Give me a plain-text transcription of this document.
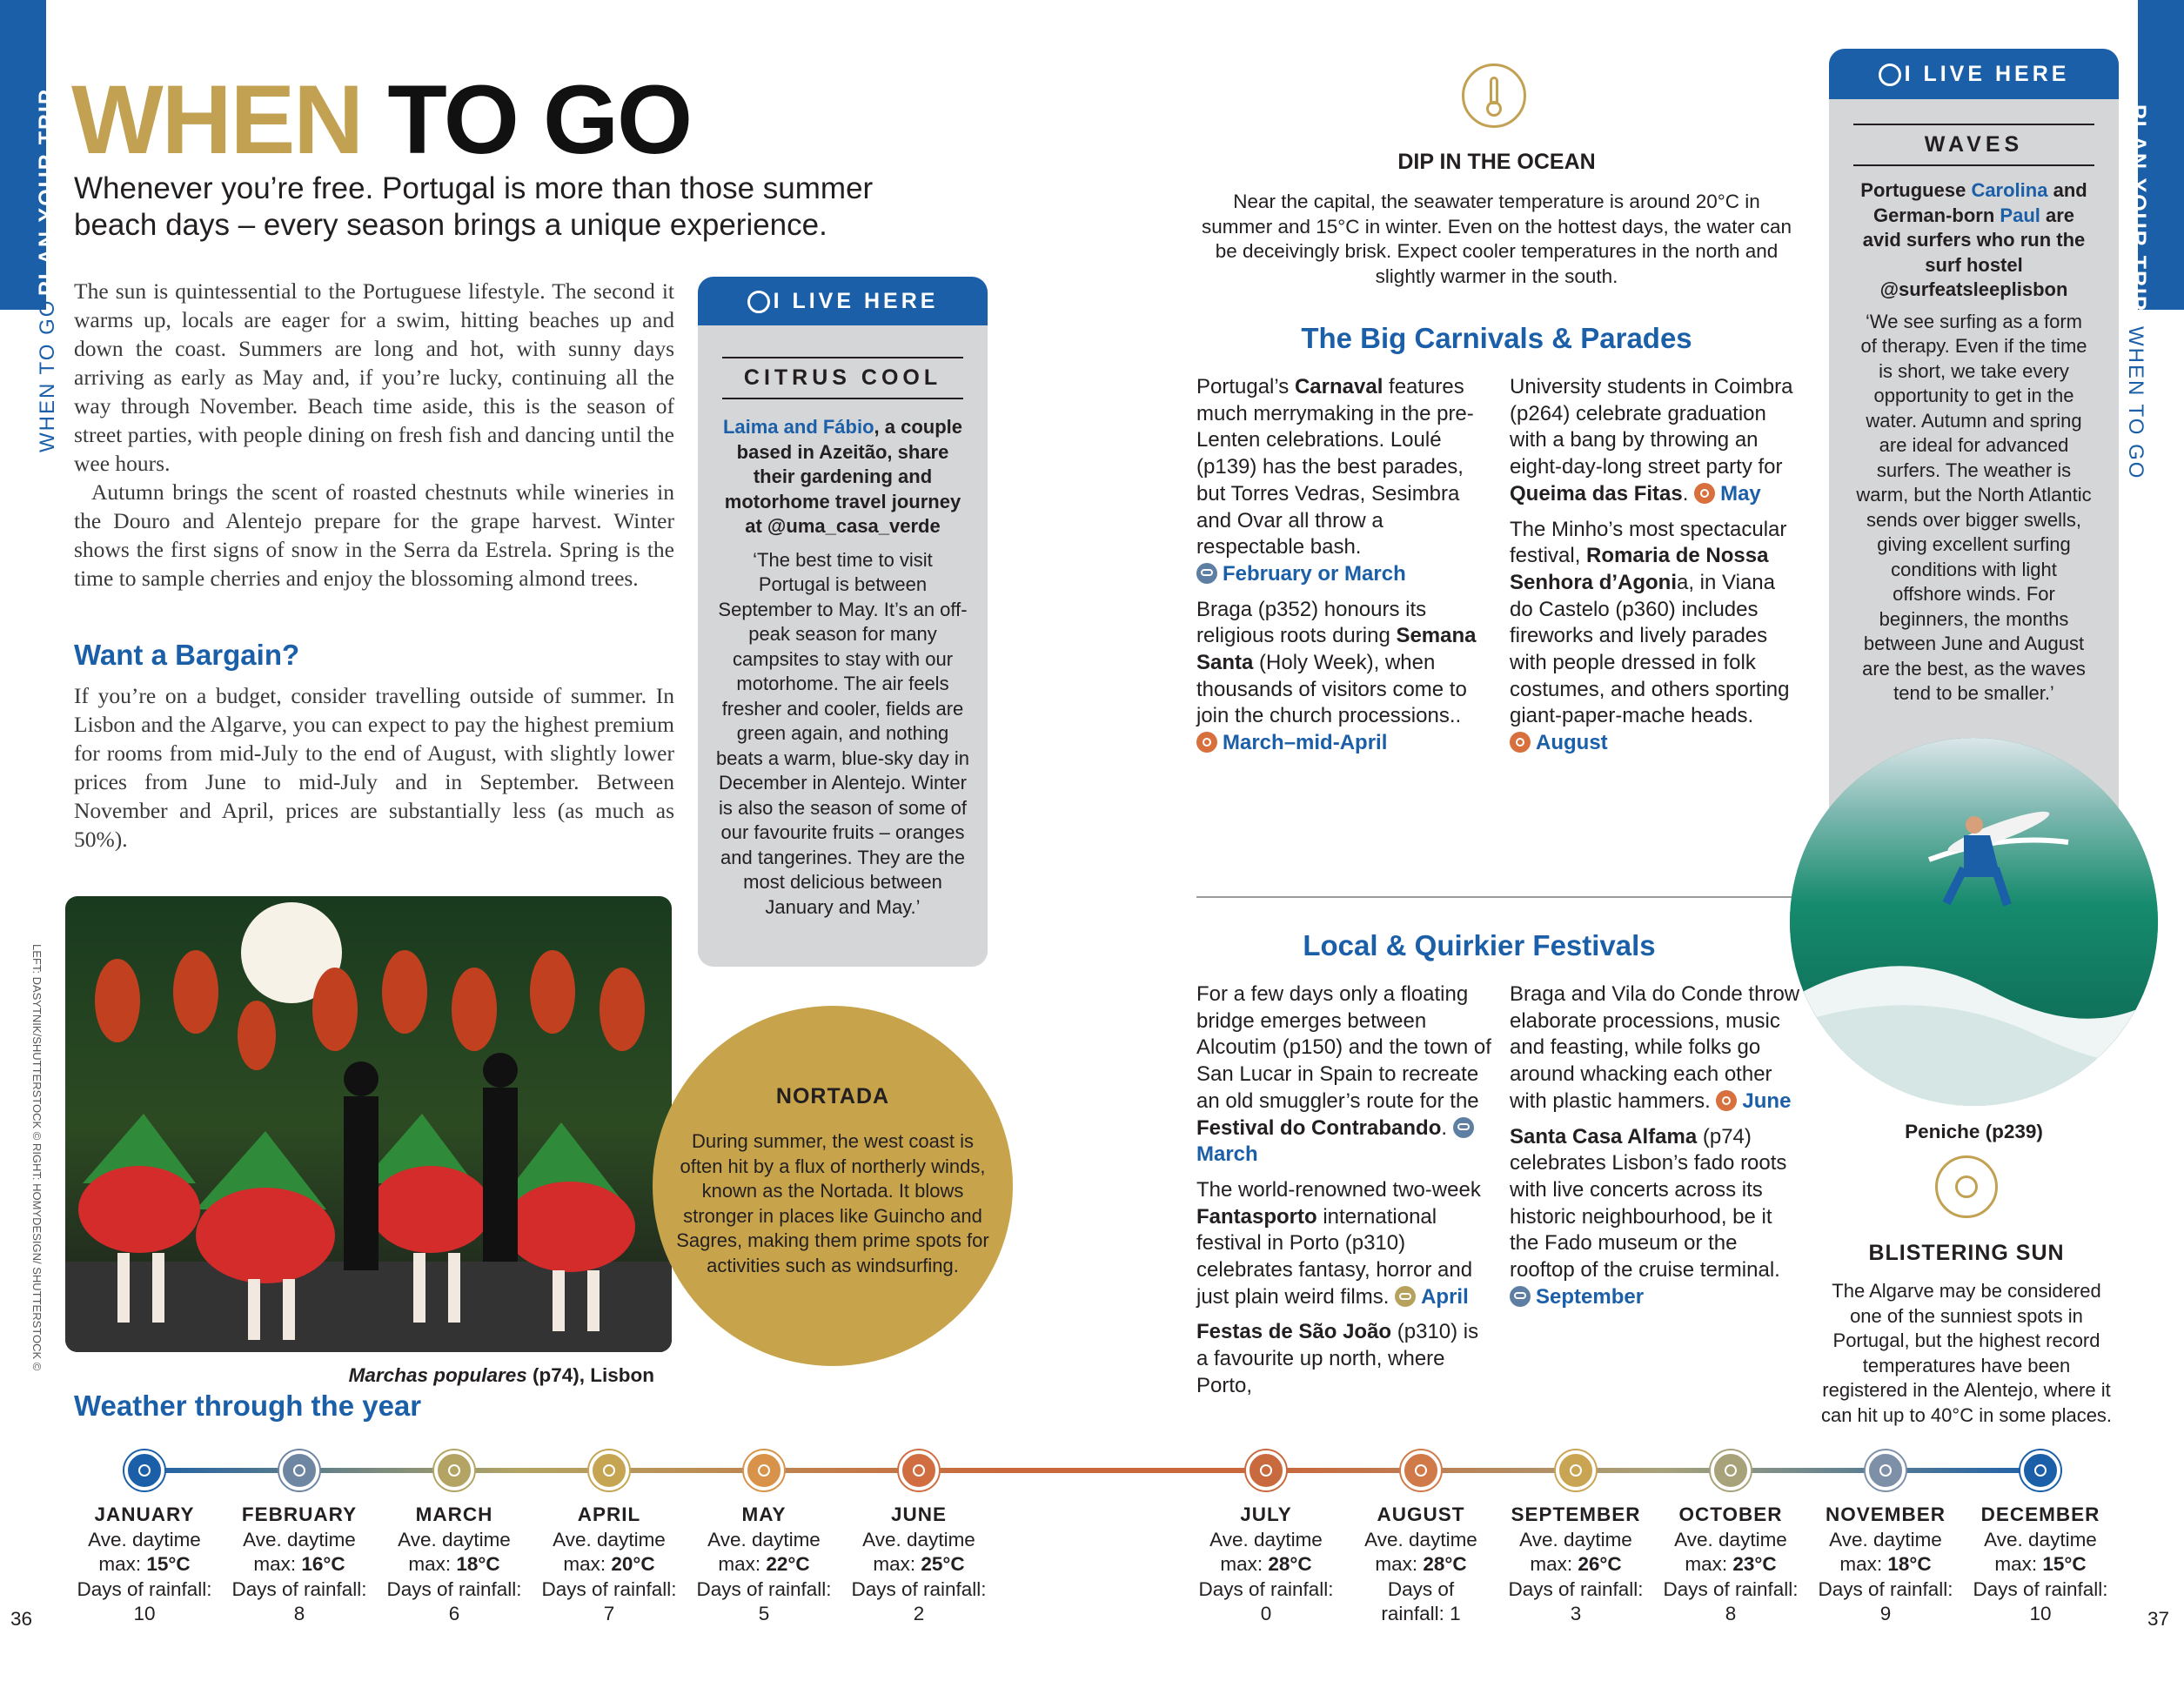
PLAN YOUR TRIP
WHEN TO GO
PLAN YOUR TRIP
WHEN TO GO
WHEN TO GO
Whenever you’re free. Portugal is more than those summer beach days – every season brings a unique experience.

The sun is quintessential to the Portuguese lifestyle. The second it warms up, locals are eager for a swim, hitting beaches up and down the coast. Summers are long and hot, with sunny days arriving as early as May and, if you’re lucky, continuing all the way through November. Beach time aside, this is the season of street parties, with people dining on fresh fish and dancing until the wee hours.

Autumn brings the scent of roasted chestnuts while wineries in the Douro and Alentejo prepare for the grape harvest. Winter shows the first signs of snow in the Serra da Estrela. Spring is the time to sample cherries and enjoy the blossoming almond trees.

Want a Bargain?

If you’re on a budget, consider travelling outside of summer. In Lisbon and the Algarve, you can expect to pay the highest premium for rooms from mid-July to the end of August, with slightly lower prices from June to mid-July and in September. Between November and April, prices are substantially less (as much as 50%).

LEFT: DASYTNIK/SHUTTERSTOCK © RIGHT: HOMYDESIGN/ SHUTTERSTOCK ©
Marchas populares (p74), Lisbon
I LIVE HERE
CITRUS COOL
Laima and Fábio, a couple based in Azeitão, share their gardening and motorhome travel journey at @uma_casa_verde
‘The best time to visit Portugal is between September to May. It’s an off-peak season for many campsites to stay with our motorhome. The air feels fresher and cooler, fields are green again, and nothing beats a warm, blue-sky day in December in Alentejo. Winter is also the season of some of our favourite fruits – oranges and tangerines. They are the most delicious between January and May.’
NORTADA
During summer, the west coast is often hit by a flux of northerly winds, known as the Nortada. It blows stronger in places like Guincho and Sagres, making them prime spots for activities such as windsurfing.
DIP IN THE OCEAN
Near the capital, the seawater temperature is around 20°C in summer and 15°C in winter. Even on the hottest days, the water can be deceivingly brisk. Expect cooler temperatures in the north and slightly warmer in the south.
The Big Carnivals & Parades

Portugal’s Carnaval features much merrymaking in the pre-Lenten celebrations. Loulé (p139) has the best parades, but Torres Vedras, Sesimbra and Ovar all throw a respectable bash.
February or March

Braga (p352) honours its religious roots during Semana Santa (Holy Week), when thousands of visitors come to join the church processions..
March–mid-April

University students in Coimbra (p264) celebrate graduation with a bang by throwing an eight-day-long street party for Queima das Fitas. May

The Minho’s most spectacular festival, Romaria de Nossa Senhora d’Agonia, in Viana do Castelo (p360) includes fireworks and lively parades with people dressed in folk costumes, and others sporting giant-paper-mache heads.
August

Local & Quirkier Festivals

For a few days only a floating bridge emerges between Alcoutim (p150) and the town of San Lucar in Spain to recreate an old smuggler’s route for the Festival do Contrabando.
March

The world-renowned two-week Fantasporto international festival in Porto (p310) celebrates fantasy, horror and just plain weird films. April

Festas de São João (p310) is a favourite up north, where Porto,

Braga and Vila do Conde throw elaborate processions, music and feasting, while folks go around whacking each other with plastic hammers. June

Santa Casa Alfama (p74) celebrates Lisbon’s fado roots with live concerts across its historic neighbourhood, be it the Fado museum or the rooftop of the cruise terminal.
September

I LIVE HERE
WAVES
Portuguese Carolina and German-born Paul are avid surfers who run the surf hostel @surfeatsleeplisbon
‘We see surfing as a form of therapy. Even if the time is short, we take every opportunity to get in the water. Autumn and spring are ideal for advanced surfers. The weather is warm, but the North Atlantic sends over bigger swells, giving excellent surfing conditions with light offshore winds. For beginners, the months between June and August are the best, as the waves tend to be smaller.’
Peniche (p239)
BLISTERING SUN
The Algarve may be considered one of the sunniest spots in Portugal, but the highest record temperatures have been registered in the Alentejo, where it can hit up to 40°C in some places.
Weather through the year
JANUARY
Ave. daytime
max: 15°C
Days of rainfall:
10
FEBRUARY
Ave. daytime
max: 16°C
Days of rainfall:
8
MARCH
Ave. daytime
max: 18°C
Days of rainfall:
6
APRIL
Ave. daytime
max: 20°C
Days of rainfall:
7
MAY
Ave. daytime
max: 22°C
Days of rainfall:
5
JUNE
Ave. daytime
max: 25°C
Days of rainfall:
2
JULY
Ave. daytime
max: 28°C
Days of rainfall:
0
AUGUST
Ave. daytime
max: 28°C
Days of
rainfall: 1
SEPTEMBER
Ave. daytime
max: 26°C
Days of rainfall:
3
OCTOBER
Ave. daytime
max: 23°C
Days of rainfall:
8
NOVEMBER
Ave. daytime
max: 18°C
Days of rainfall:
9
DECEMBER
Ave. daytime
max: 15°C
Days of rainfall:
10
36	37
